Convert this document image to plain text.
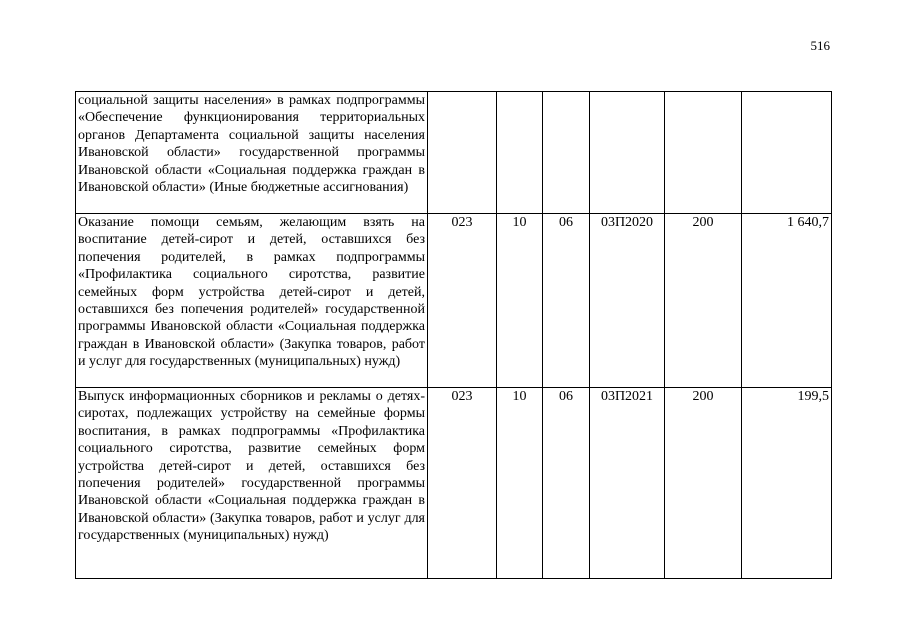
516
социальной защиты населения» в рамках подпрограммы «Обеспечение функционирования территориальных органов Департамента социальной защиты населения Ивановской области» государственной программы Ивановской области «Социальная поддержка граждан в Ивановской области» (Иные бюджетные ассигнования)						
Оказание помощи семьям, желающим взять на воспитание детей-сирот и детей, оставшихся без попечения родителей, в рамках подпрограммы «Профилактика социального сиротства, развитие семейных форм устройства детей-сирот и детей, оставшихся без попечения родителей» государственной программы Ивановской области «Социальная поддержка граждан в Ивановской области» (Закупка товаров, работ и услуг для государственных (муниципальных) нужд)	023	10	06	03П2020	200	1 640,7
Выпуск информационных сборников и рекламы о детях-сиротах, подлежащих устройству на семейные формы воспитания, в рамках подпрограммы «Профилактика социального сиротства, развитие семейных форм устройства детей-сирот и детей, оставшихся без попечения родителей» государственной программы Ивановской области «Социальная поддержка граждан в Ивановской области» (Закупка товаров, работ и услуг для государственных (муниципальных) нужд)	023	10	06	03П2021	200	199,5
